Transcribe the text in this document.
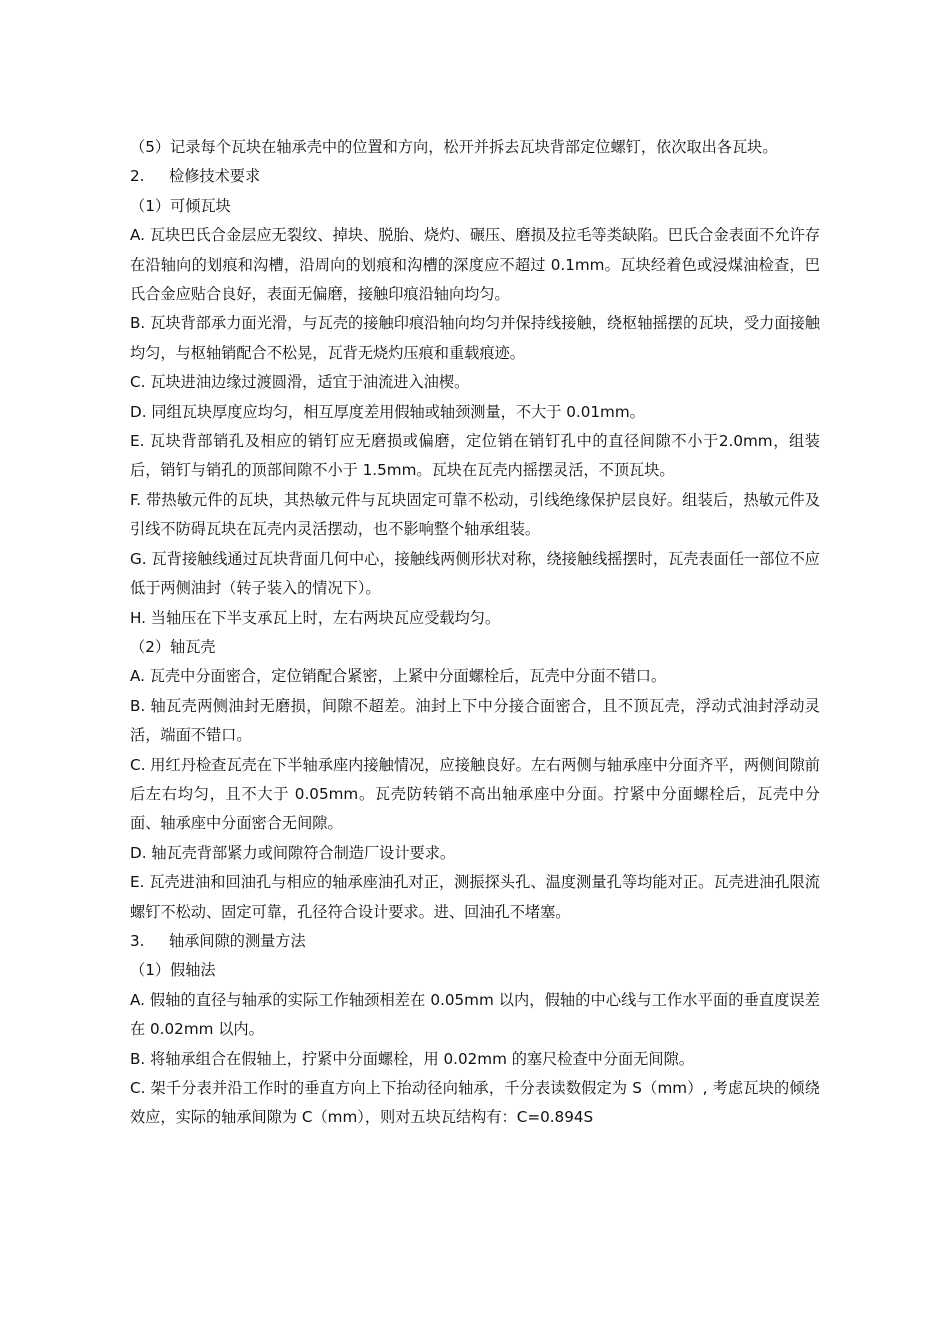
（5）记录每个瓦块在轴承壳中的位置和方向，松开并拆去瓦块背部定位螺钉，依次取出各瓦块。

2. 检修技术要求

（1）可倾瓦块

A. 瓦块巴氏合金层应无裂纹、掉块、脱胎、烧灼、碾压、磨损及拉毛等类缺陷。巴氏合金表面不允许存在沿轴向的划痕和沟槽，沿周向的划痕和沟槽的深度应不超过 0.1mm。瓦块经着色或浸煤油检查，巴氏合金应贴合良好，表面无偏磨，接触印痕沿轴向均匀。

B. 瓦块背部承力面光滑，与瓦壳的接触印痕沿轴向均匀并保持线接触，绕枢轴摇摆的瓦块，受力面接触均匀，与枢轴销配合不松晃，瓦背无烧灼压痕和重载痕迹。

C. 瓦块进油边缘过渡圆滑，适宜于油流进入油楔。

D. 同组瓦块厚度应均匀，相互厚度差用假轴或轴颈测量，不大于 0.01mm。

E. 瓦块背部销孔及相应的销钉应无磨损或偏磨，定位销在销钉孔中的直径间隙不小于2.0mm，组装后，销钉与销孔的顶部间隙不小于 1.5mm。瓦块在瓦壳内摇摆灵活，不顶瓦块。

F. 带热敏元件的瓦块，其热敏元件与瓦块固定可靠不松动，引线绝缘保护层良好。组装后，热敏元件及引线不防碍瓦块在瓦壳内灵活摆动，也不影响整个轴承组装。

G. 瓦背接触线通过瓦块背面几何中心，接触线两侧形状对称，绕接触线摇摆时，瓦壳表面任一部位不应低于两侧油封（转子装入的情况下）。

H. 当轴压在下半支承瓦上时，左右两块瓦应受载均匀。

（2）轴瓦壳

A. 瓦壳中分面密合，定位销配合紧密，上紧中分面螺栓后，瓦壳中分面不错口。

B. 轴瓦壳两侧油封无磨损，间隙不超差。油封上下中分接合面密合，且不顶瓦壳，浮动式油封浮动灵活，端面不错口。

C. 用红丹检查瓦壳在下半轴承座内接触情况，应接触良好。左右两侧与轴承座中分面齐平，两侧间隙前后左右均匀，且不大于 0.05mm。瓦壳防转销不高出轴承座中分面。拧紧中分面螺栓后，瓦壳中分面、轴承座中分面密合无间隙。

D. 轴瓦壳背部紧力或间隙符合制造厂设计要求。

E. 瓦壳进油和回油孔与相应的轴承座油孔对正，测振探头孔、温度测量孔等均能对正。瓦壳进油孔限流螺钉不松动、固定可靠，孔径符合设计要求。进、回油孔不堵塞。

3. 轴承间隙的测量方法

（1）假轴法

A. 假轴的直径与轴承的实际工作轴颈相差在 0.05mm 以内，假轴的中心线与工作水平面的垂直度误差在 0.02mm 以内。

B. 将轴承组合在假轴上，拧紧中分面螺栓，用 0.02mm 的塞尺检查中分面无间隙。

C. 架千分表并沿工作时的垂直方向上下抬动径向轴承，千分表读数假定为 S（mm）, 考虑瓦块的倾绕效应，实际的轴承间隙为 C（mm），则对五块瓦结构有：C=0.894S
